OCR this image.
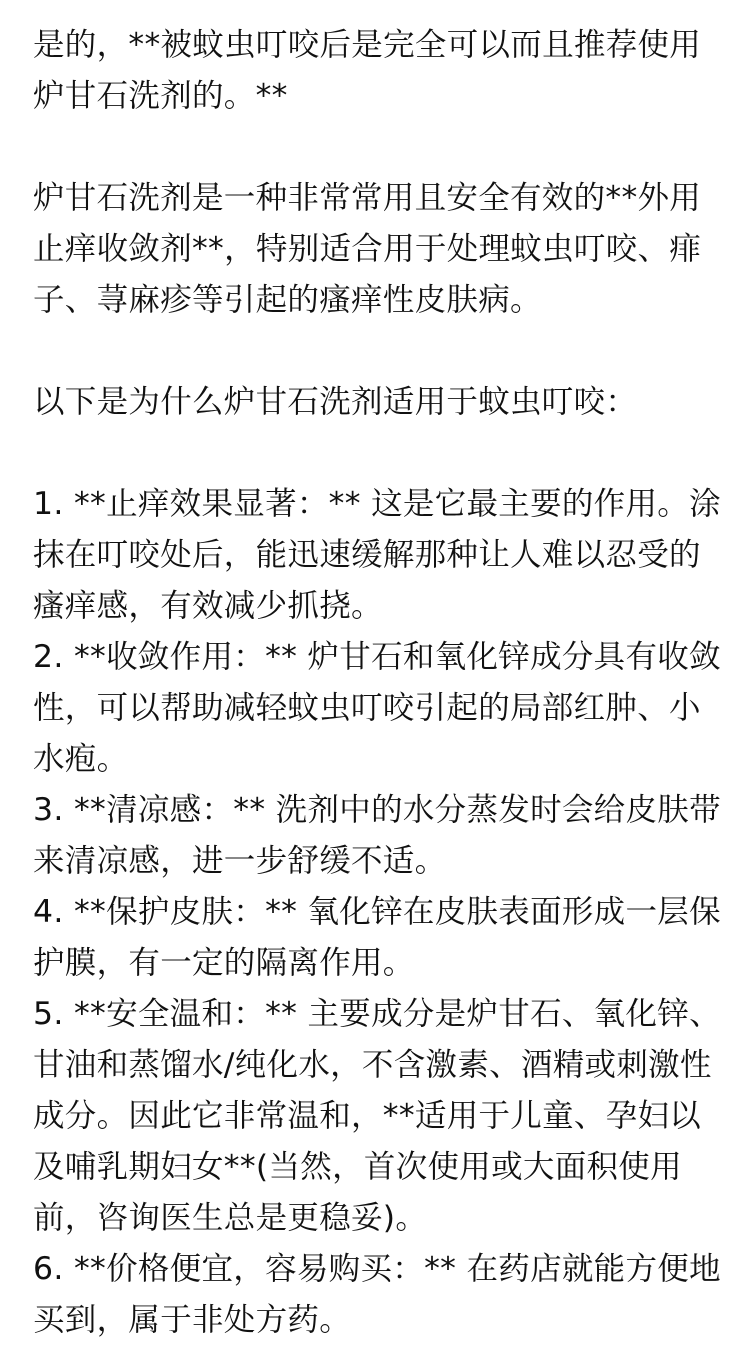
是的，**被蚊虫叮咬后是完全可以而且推荐使用炉甘石洗剂的。**

炉甘石洗剂是一种非常常用且安全有效的**外用止痒收敛剂**，特别适合用于处理蚊虫叮咬、痱子、荨麻疹等引起的瘙痒性皮肤病。

以下是为什么炉甘石洗剂适用于蚊虫叮咬：

1. **止痒效果显著：** 这是它最主要的作用。涂抹在叮咬处后，能迅速缓解那种让人难以忍受的瘙痒感，有效减少抓挠。
2. **收敛作用：** 炉甘石和氧化锌成分具有收敛性，可以帮助减轻蚊虫叮咬引起的局部红肿、小水疱。
3. **清凉感：** 洗剂中的水分蒸发时会给皮肤带来清凉感，进一步舒缓不适。
4. **保护皮肤：** 氧化锌在皮肤表面形成一层保护膜，有一定的隔离作用。
5. **安全温和：** 主要成分是炉甘石、氧化锌、甘油和蒸馏水/纯化水，不含激素、酒精或刺激性成分。因此它非常温和，**适用于儿童、孕妇以及哺乳期妇女**(当然，首次使用或大面积使用前，咨询医生总是更稳妥)。
6. **价格便宜，容易购买：** 在药店就能方便地买到，属于非处方药。
